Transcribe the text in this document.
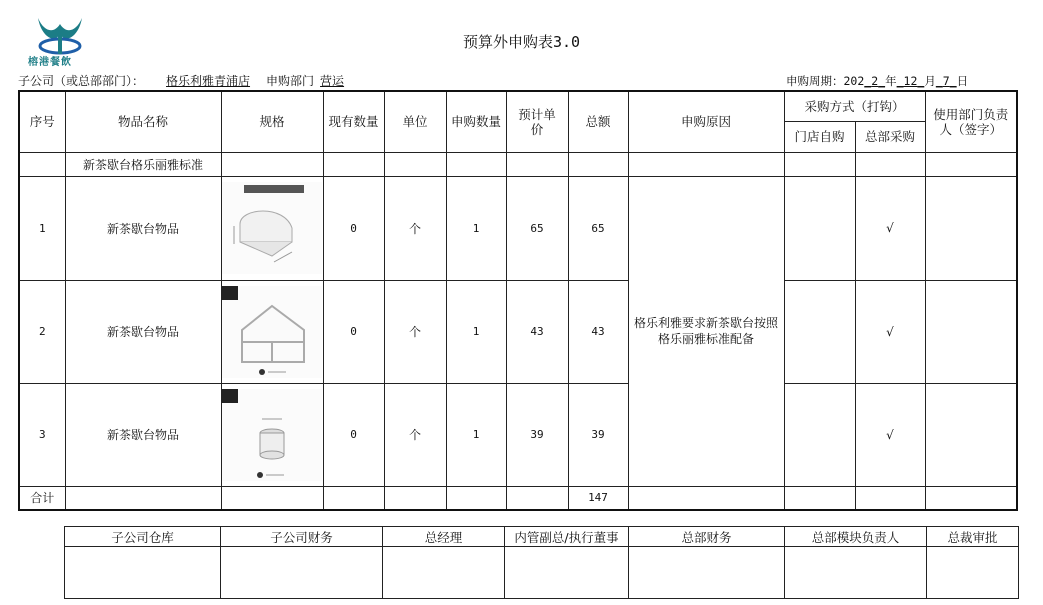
榕港餐飲
预算外申购表3.0
子公司（或总部部门）： 格乐利雅青浦店 申购部门 营运	申购周期：202_2_年_12_月_7_日
序号	物品名称	规格	现有数量	单位	申购数量	预计单价	总额	申购原因	采购方式（打钩）		使用部门负责人（签字）
									门店自购	总部采购	
	新茶歇台格乐丽雅标准										
1	新茶歇台物品		0	个	1	65	65	格乐利雅要求新茶歇台按照格乐丽雅标准配备		√	
2	新茶歇台物品		0	个	1	43	43			√	
3	新茶歇台物品		0	个	1	39	39			√	
合计							147				
子公司仓库	子公司财务	总经理	内管副总/执行董事	总部财务	总部模块负责人	总裁审批
